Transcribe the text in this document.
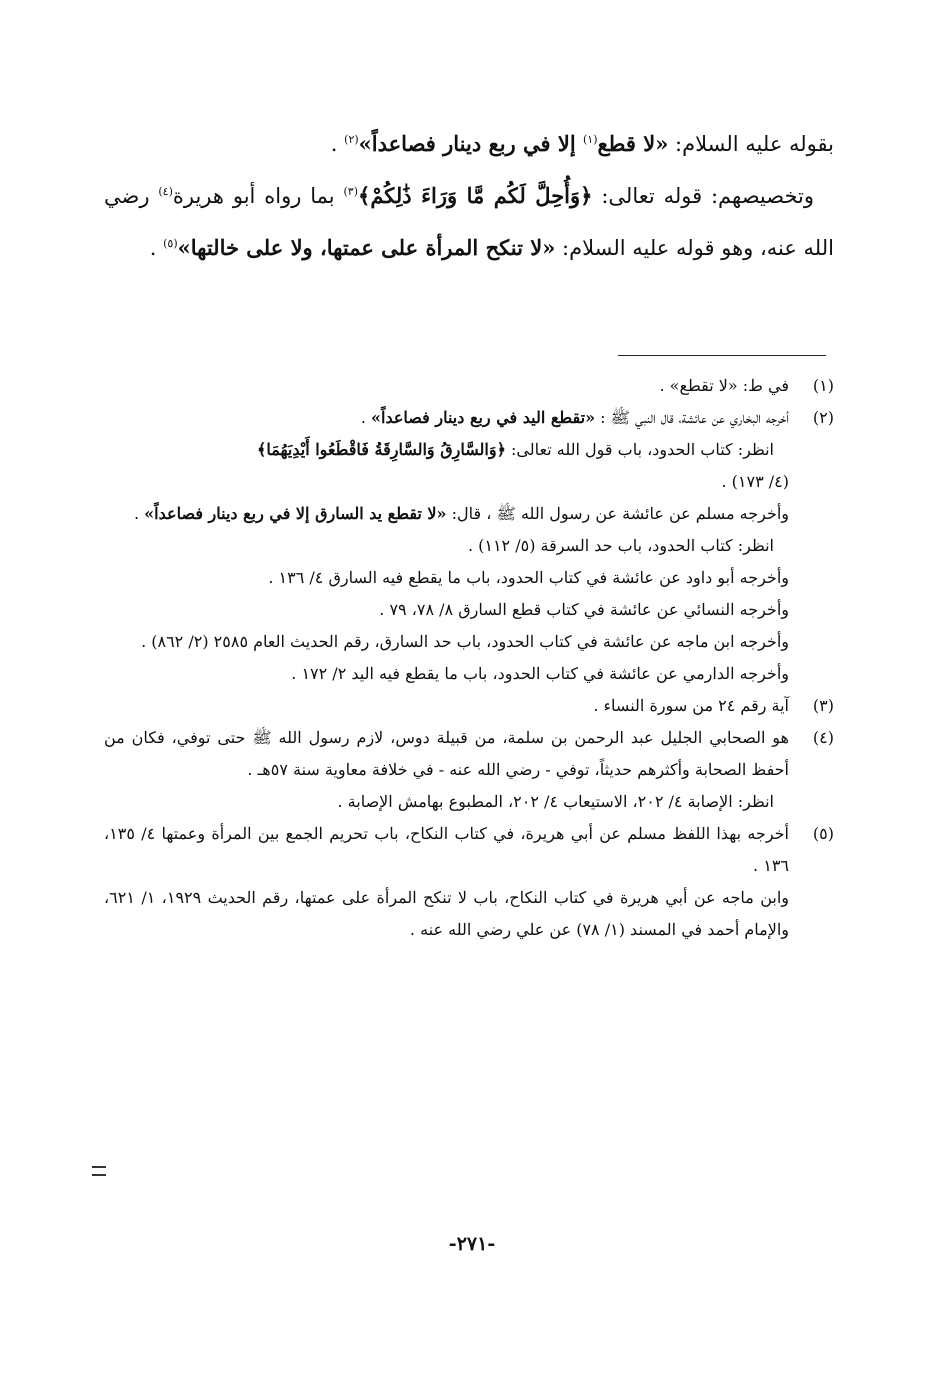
بقوله عليه السلام: «لا قطع$^{(١)}$ إلا في ربع دينار فصاعداً»$^{(٢)}$ .

وتخصيصهم: قوله تعالى: ﴿وَأُحِلَّ لَكُم مَّا وَرَاءَ ذَٰلِكُمْ﴾$^{(٣)}$ بما رواه أبو هريرة$^{(٤)}$ رضي الله عنه، وهو قوله عليه السلام: «لا تنكح المرأة على عمتها، ولا على خالتها»$^{(٥)}$ .

(١)
في ط: «لا تقطع» .
(٢)
أخرجه البخاري عن عائشة، قال النبي ﷺ : «تقطع اليد في ربع دينار فصاعداً» .
انظر: كتاب الحدود، باب قول الله تعالى: ﴿وَالسَّارِقُ وَالسَّارِقَةُ فَاقْطَعُوا أَيْدِيَهُمَا﴾
(٤/ ١٧٣) .
وأخرجه مسلم عن عائشة عن رسول الله ﷺ ، قال: «لا تقطع يد السارق إلا في ربع دينار فصاعداً» .
انظر: كتاب الحدود، باب حد السرقة (٥/ ١١٢) .
وأخرجه أبو داود عن عائشة في كتاب الحدود، باب ما يقطع فيه السارق ٤/ ١٣٦ .
وأخرجه النسائي عن عائشة في كتاب قطع السارق ٨/ ٧٨، ٧٩ .
وأخرجه ابن ماجه عن عائشة في كتاب الحدود، باب حد السارق، رقم الحديث العام ٢٥٨٥ (٢/ ٨٦٢) .
وأخرجه الدارمي عن عائشة في كتاب الحدود، باب ما يقطع فيه اليد ٢/ ١٧٢ .
(٣)
آية رقم ٢٤ من سورة النساء .
(٤)
هو الصحابي الجليل عبد الرحمن بن سلمة، من قبيلة دوس، لازم رسول الله ﷺ حتى توفي، فكان من أحفظ الصحابة وأكثرهم حديثاً، توفي - رضي الله عنه - في خلافة معاوية سنة ٥٧هـ .
انظر: الإصابة ٤/ ٢٠٢، الاستيعاب ٤/ ٢٠٢، المطبوع بهامش الإصابة .
(٥)
أخرجه بهذا اللفظ مسلم عن أبي هريرة، في كتاب النكاح، باب تحريم الجمع بين المرأة وعمتها ٤/ ١٣٥، ١٣٦ .
وابن ماجه عن أبي هريرة في كتاب النكاح، باب لا تنكح المرأة على عمتها، رقم الحديث ١٩٢٩، ١/ ٦٢١، والإمام أحمد في المسند (١/ ٧٨) عن علي رضي الله عنه .
-٢٧١-
